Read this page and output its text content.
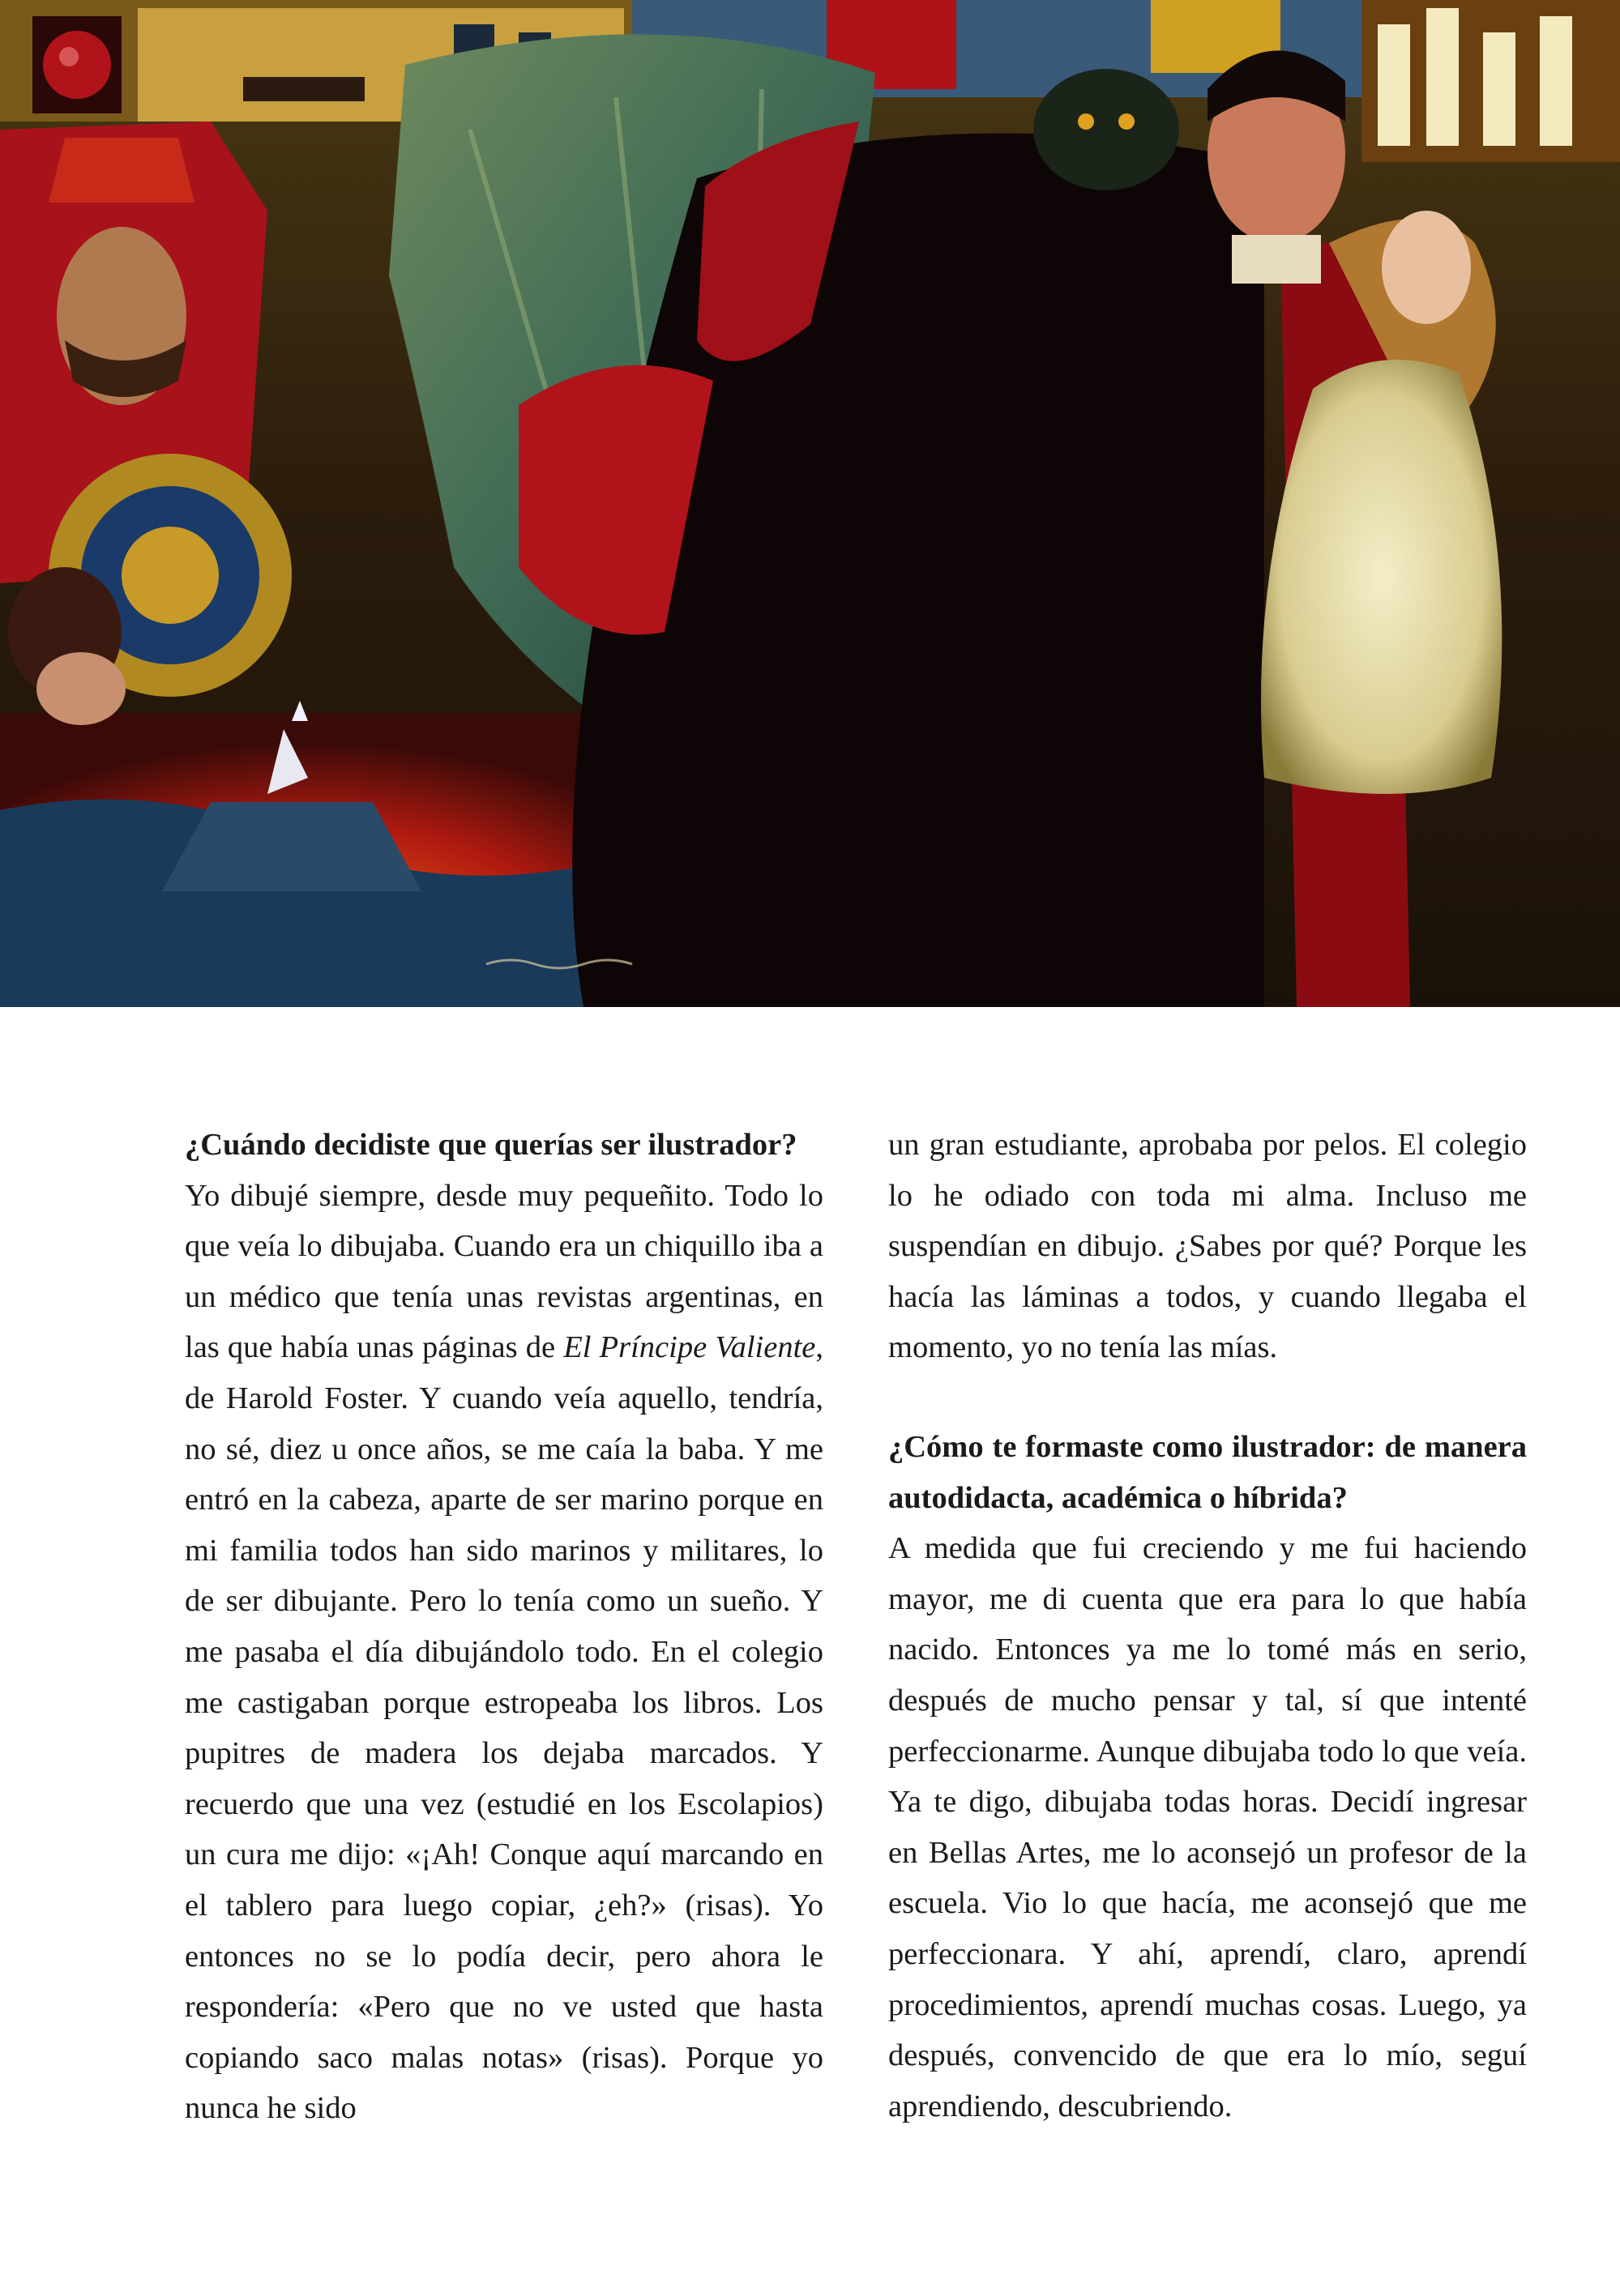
¿Cuándo decidiste que querías ser ilustrador?
Yo dibujé siempre, desde muy pequeñito. Todo lo que veía lo dibujaba. Cuando era un chiquillo iba a un médico que tenía unas revistas argentinas, en las que había unas páginas de El Príncipe Valiente, de Harold Foster. Y cuando veía aquello, tendría, no sé, diez u once años, se me caía la baba. Y me entró en la cabeza, aparte de ser marino porque en mi familia todos han sido marinos y militares, lo de ser dibujante. Pero lo tenía como un sueño. Y me pasaba el día dibujándolo todo. En el colegio me castigaban porque estropeaba los libros. Los pupitres de madera los dejaba marcados. Y recuerdo que una vez (estudié en los Escolapios) un cura me dijo: «¡Ah! Conque aquí marcando en el tablero para luego copiar, ¿eh?» (risas). Yo entonces no se lo podía decir, pero ahora le respondería: «Pero que no ve usted que hasta copiando saco malas notas» (risas). Porque yo nunca he sido

un gran estudiante, aprobaba por pelos. El colegio lo he odiado con toda mi alma. Incluso me suspendían en dibujo. ¿Sabes por qué? Porque les hacía las láminas a todos, y cuando llegaba el momento, yo no tenía las mías.

¿Cómo te formaste como ilustrador: de manera autodidacta, académica o híbrida?
A medida que fui creciendo y me fui haciendo mayor, me di cuenta que era para lo que había nacido. Entonces ya me lo tomé más en serio, después de mucho pensar y tal, sí que intenté perfeccionarme. Aunque dibujaba todo lo que veía. Ya te digo, dibujaba todas horas. Decidí ingresar en Bellas Artes, me lo aconsejó un profesor de la escuela. Vio lo que hacía, me aconsejó que me perfeccionara. Y ahí, aprendí, claro, aprendí procedimientos, aprendí muchas cosas. Luego, ya después, convencido de que era lo mío, seguí aprendiendo, descubriendo.
